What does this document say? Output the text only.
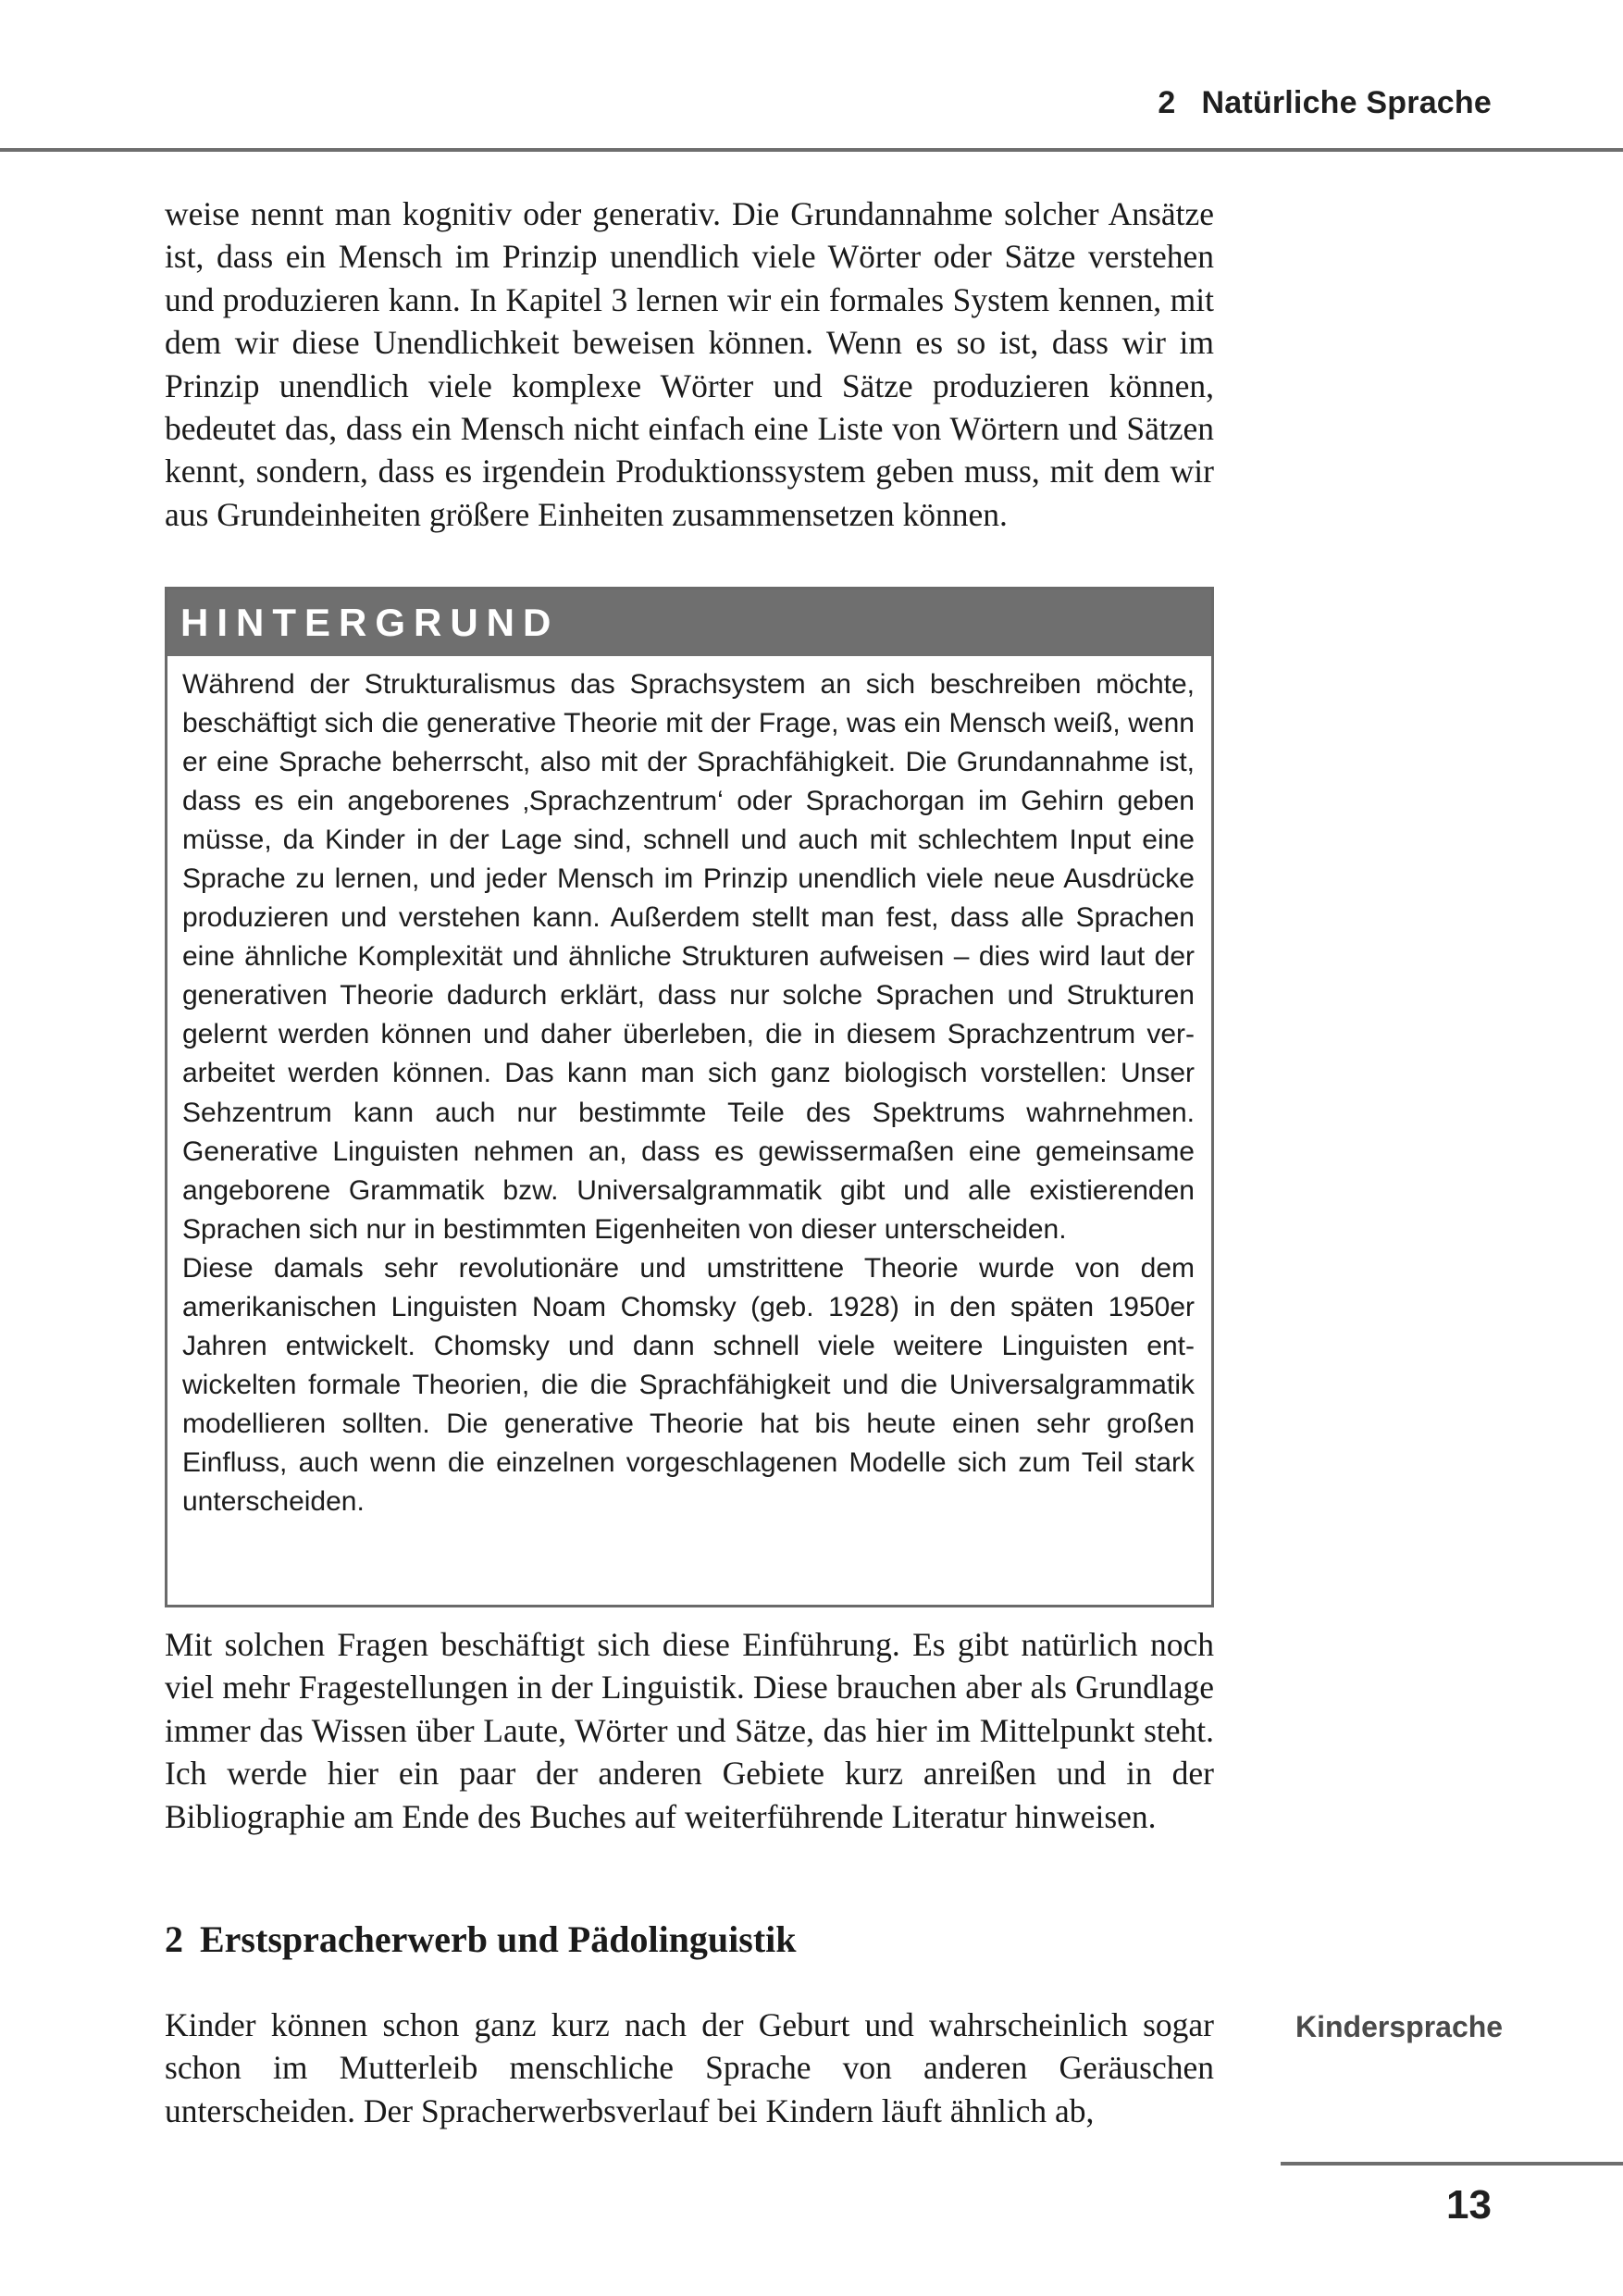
2 Natürliche Sprache

weise nennt man kognitiv oder generativ. Die Grundannahme solcher Ansätze ist, dass ein Mensch im Prinzip unendlich viele Wörter oder Sätze verstehen und produzieren kann. In Kapitel 3 lernen wir ein formales System kennen, mit dem wir diese Unendlichkeit beweisen können. Wenn es so ist, dass wir im Prinzip unendlich viele komplexe Wörter und Sätze produzieren können, bedeutet das, dass ein Mensch nicht einfach eine Liste von Wörtern und Sätzen kennt, sondern, dass es irgendein Produktionssystem geben muss, mit dem wir aus Grundeinheiten größere Einheiten zusammensetzen können.

HINTERGRUND

Während der Strukturalismus das Sprachsystem an sich beschreiben möchte, beschäftigt sich die generative Theorie mit der Frage, was ein Mensch weiß, wenn er eine Sprache beherrscht, also mit der Sprachfähigkeit. Die Grundannahme ist, dass es ein angeborenes ‚Sprachzentrum‘ oder Sprachorgan im Gehirn geben müsse, da Kinder in der Lage sind, schnell und auch mit schlechtem Input eine Sprache zu lernen, und jeder Mensch im Prinzip unendlich viele neue Ausdrücke produzieren und verstehen kann. Außerdem stellt man fest, dass alle Sprachen eine ähnliche Komplexität und ähnliche Strukturen aufweisen – dies wird laut der generativen Theorie dadurch erklärt, dass nur solche Sprachen und Strukturen gelernt werden können und daher überleben, die in diesem Sprachzentrum verarbeitet werden können. Das kann man sich ganz biologisch vorstellen: Unser Sehzentrum kann auch nur bestimmte Teile des Spektrums wahrnehmen. Generative Linguisten nehmen an, dass es gewissermaßen eine gemeinsame angeborene Grammatik bzw. Universalgrammatik gibt und alle existierenden Sprachen sich nur in bestimmten Eigenheiten von dieser unterscheiden.

Diese damals sehr revolutionäre und umstrittene Theorie wurde von dem amerikanischen Linguisten Noam Chomsky (geb. 1928) in den späten 1950er Jahren entwickelt. Chomsky und dann schnell viele weitere Linguisten entwickelten formale Theorien, die die Sprachfähigkeit und die Universalgrammatik modellieren sollten. Die generative Theorie hat bis heute einen sehr großen Einfluss, auch wenn die einzelnen vorgeschlagenen Modelle sich zum Teil stark unterscheiden.

Mit solchen Fragen beschäftigt sich diese Einführung. Es gibt natürlich noch viel mehr Fragestellungen in der Linguistik. Diese brauchen aber als Grundlage immer das Wissen über Laute, Wörter und Sätze, das hier im Mittelpunkt steht. Ich werde hier ein paar der anderen Gebiete kurz anreißen und in der Bibliographie am Ende des Buches auf weiterführende Literatur hinweisen.

2 Erstspracherwerb und Pädolinguistik

Kinder können schon ganz kurz nach der Geburt und wahrscheinlich sogar schon im Mutterleib menschliche Sprache von anderen Geräuschen unterscheiden. Der Spracherwerbsverlauf bei Kindern läuft ähnlich ab,

Kindersprache
13
